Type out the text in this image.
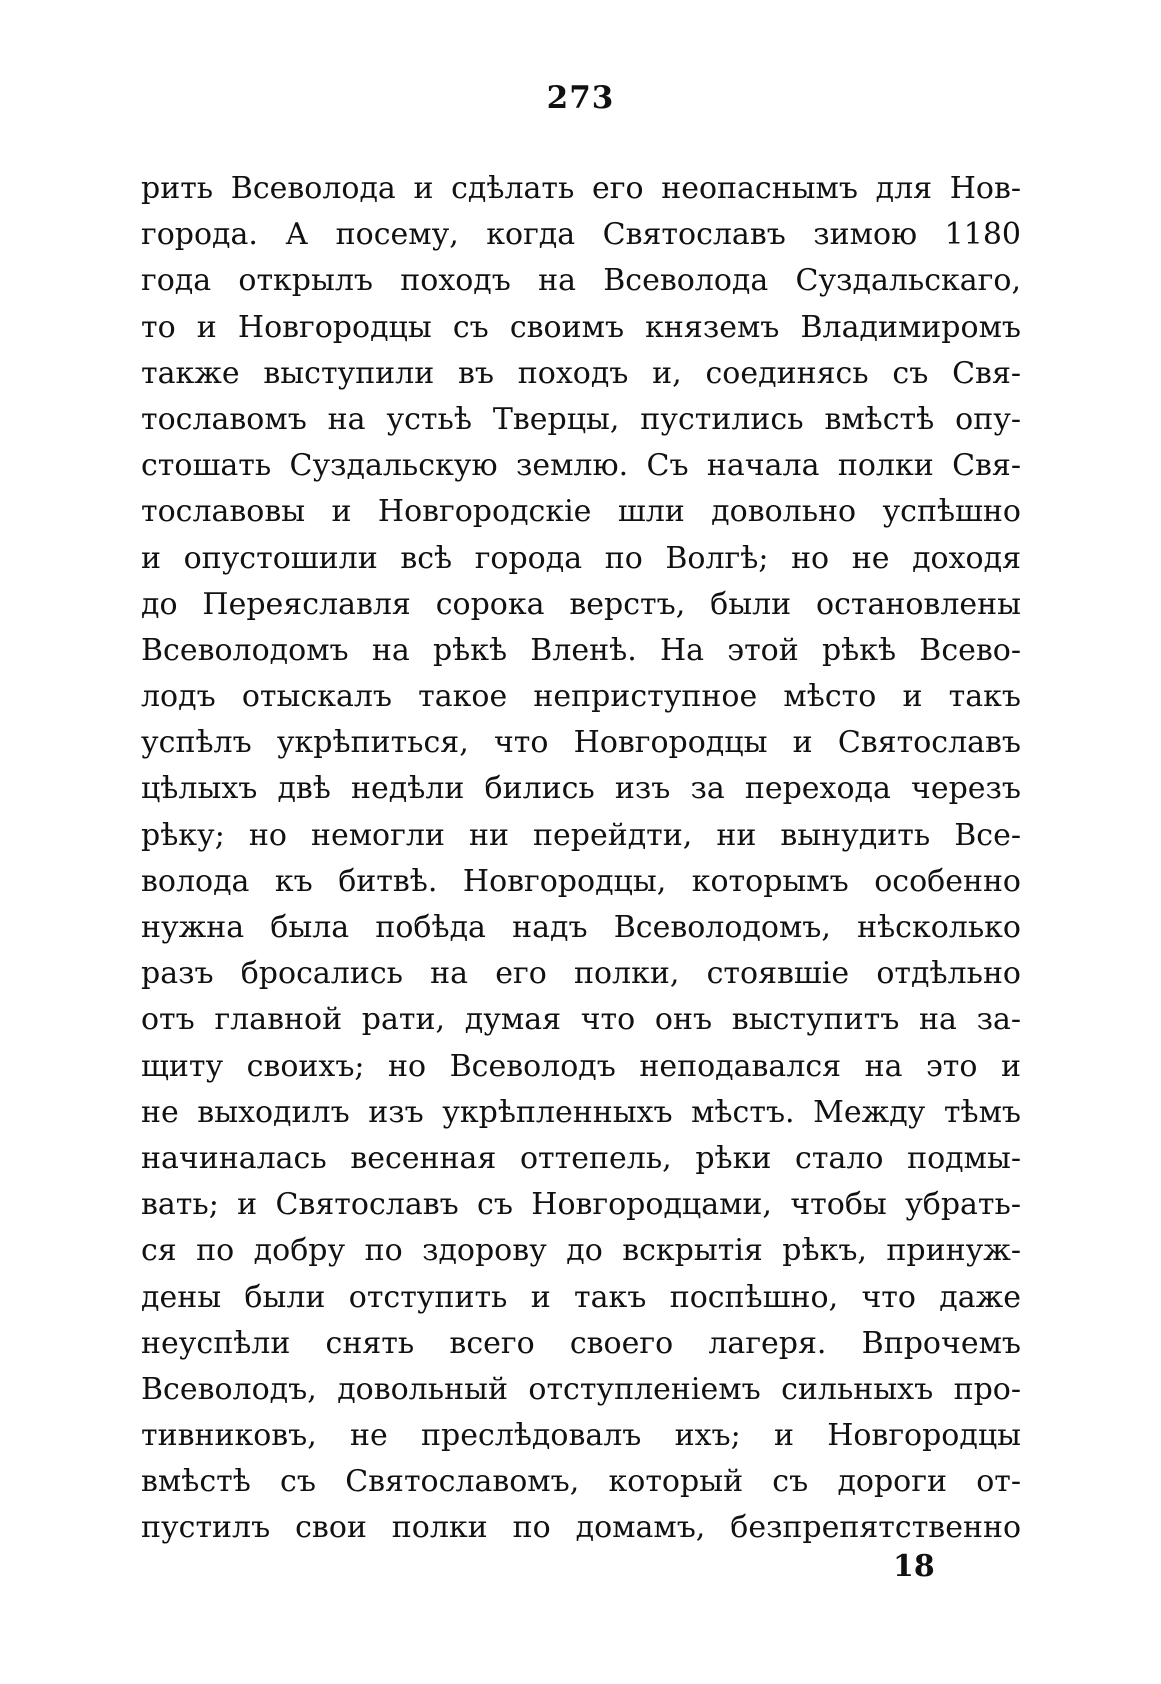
273
рить Всеволода и сдѣлать его неопаснымъ для Нов-
города. А посему, когда Святославъ зимою 1180
года открылъ походъ на Всеволода Суздальскаго,
то и Новгородцы съ своимъ княземъ Владимиромъ
также выступили въ походъ и, соединясь съ Свя-
тославомъ на устьѣ Тверцы, пустились вмѣстѣ опу-
стошать Суздальскую землю. Съ начала полки Свя-
тославовы и Новгородскіе шли довольно успѣшно
и опустошили всѣ города по Волгѣ; но не доходя
до Переяславля сорока верстъ, были остановлены
Всеволодомъ на рѣкѣ Вленѣ. На этой рѣкѣ Всево-
лодъ отыскалъ такое неприступное мѣсто и такъ
успѣлъ укрѣпиться, что Новгородцы и Святославъ
цѣлыхъ двѣ недѣли бились изъ за перехода черезъ
рѣку; но немогли ни перейдти, ни вынудить Все-
волода къ битвѣ. Новгородцы, которымъ особенно
нужна была побѣда надъ Всеволодомъ, нѣсколько
разъ бросались на его полки, стоявшіе отдѣльно
отъ главной рати, думая что онъ выступитъ на за-
щиту своихъ; но Всеволодъ неподавался на это и
не выходилъ изъ укрѣпленныхъ мѣстъ. Между тѣмъ
начиналась весенная оттепель, рѣки стало подмы-
вать; и Святославъ съ Новгородцами, чтобы убрать-
ся по добру по здорову до вскрытія рѣкъ, принуж-
дены были отступить и такъ поспѣшно, что даже
неуспѣли снять всего своего лагеря. Впрочемъ
Всеволодъ, довольный отступленіемъ сильныхъ про-
тивниковъ, не преслѣдовалъ ихъ; и Новгородцы
вмѣстѣ съ Святославомъ, который съ дороги от-
пустилъ свои полки по домамъ, безпрепятственно
18
